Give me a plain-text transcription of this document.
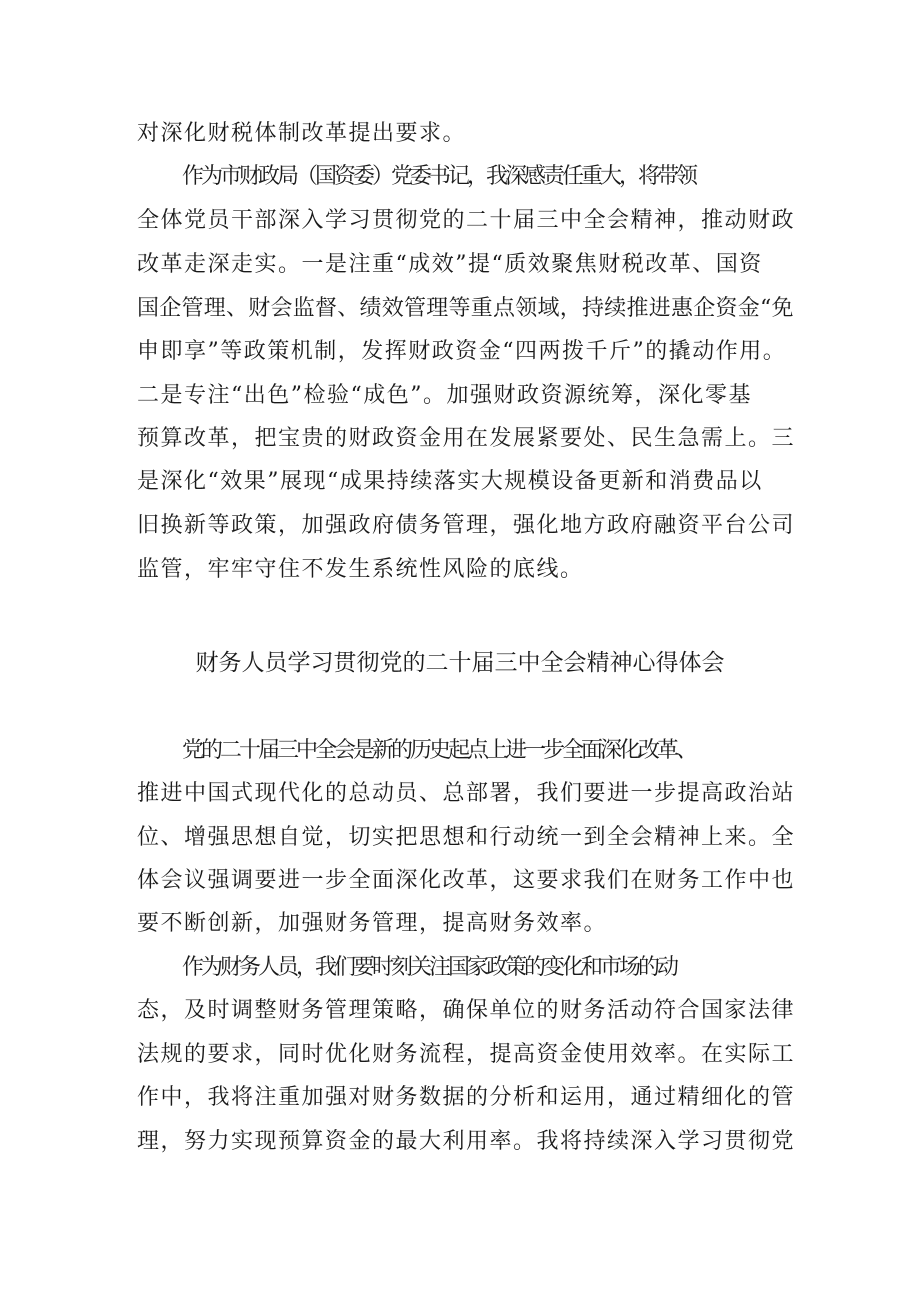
对深化财税体制改革提出要求。
作为市财政局（国资委）党委书记，我深感责任重大，将带领
全体党员干部深入学习贯彻党的二十届三中全会精神，推动财政
改革走深走实。一是注重“成效”提“质效聚焦财税改革、国资
国企管理、财会监督、绩效管理等重点领域，持续推进惠企资金“免
申即享”等政策机制，发挥财政资金“四两拨千斤”的撬动作用。
二是专注“出色”检验“成色”。加强财政资源统筹，深化零基
预算改革，把宝贵的财政资金用在发展紧要处、民生急需上。三
是深化“效果”展现“成果持续落实大规模设备更新和消费品以
旧换新等政策，加强政府债务管理，强化地方政府融资平台公司
监管，牢牢守住不发生系统性风险的底线。
财务人员学习贯彻党的二十届三中全会精神心得体会
党的二十届三中全会是新的历史起点上进一步全面深化改革、
推进中国式现代化的总动员、总部署，我们要进一步提高政治站
位、增强思想自觉，切实把思想和行动统一到全会精神上来。全
体会议强调要进一步全面深化改革，这要求我们在财务工作中也
要不断创新，加强财务管理，提高财务效率。
作为财务人员，我们要时刻关注国家政策的变化和市场的动
态，及时调整财务管理策略，确保单位的财务活动符合国家法律
法规的要求，同时优化财务流程，提高资金使用效率。在实际工
作中，我将注重加强对财务数据的分析和运用，通过精细化的管
理，努力实现预算资金的最大利用率。我将持续深入学习贯彻党
